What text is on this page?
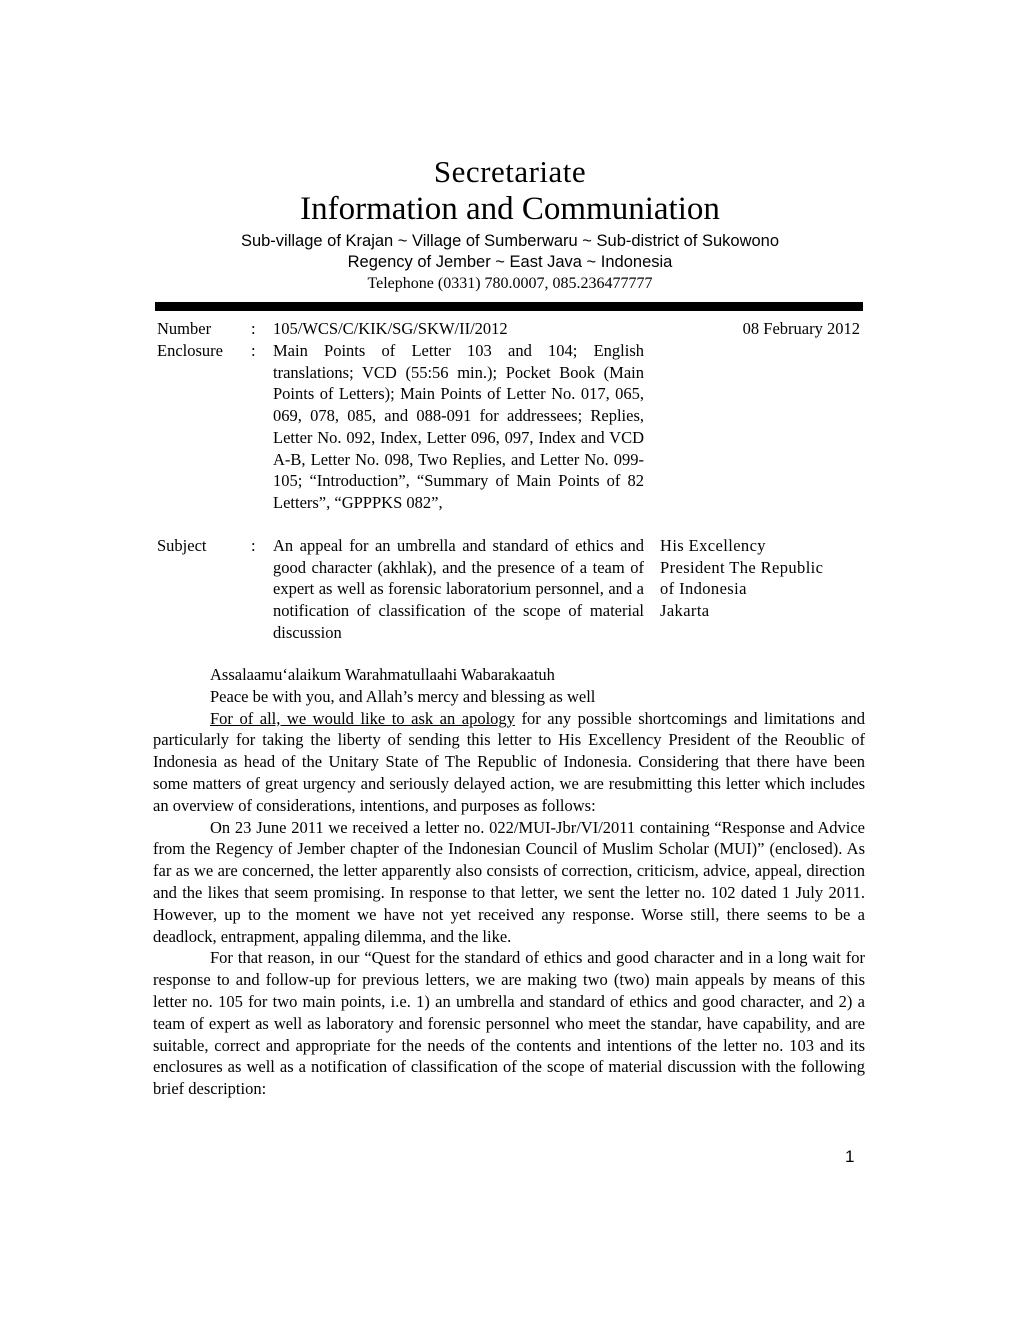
Secretariate
Information and Communiation
Sub-village of Krajan ~ Village of Sumberwaru ~ Sub-district of Sukowono
Regency of Jember ~ East Java ~ Indonesia
Telephone (0331) 780.0007, 085.236477777
Number : 105/WCS/C/KIK/SG/SKW/II/2012	08 February 2012
Enclosure : Main Points of Letter 103 and 104; English translations; VCD (55:56 min.); Pocket Book (Main Points of Letters); Main Points of Letter No. 017, 065, 069, 078, 085, and 088-091 for addressees; Replies, Letter No. 092, Index, Letter 096, 097, Index and VCD A-B, Letter No. 098, Two Replies, and Letter No. 099-105; “Introduction”, “Summary of Main Points of 82 Letters”, “GPPPKS 082”,
Subject	: An appeal for an umbrella and standard of ethics and good character (akhlak), and the presence of a team of expert as well as forensic laboratorium personnel, and a notification of classification of the scope of material discussion
His Excellency
President The Republic
of Indonesia
Jakarta

Assalaamu‘alaikum Warahmatullaahi Wabarakaatuh

Peace be with you, and Allah’s mercy and blessing as well

For of all, we would like to ask an apology for any possible shortcomings and limitations and particularly for taking the liberty of sending this letter to His Excellency President of the Reoublic of Indonesia as head of the Unitary State of The Republic of Indonesia. Considering that there have been some matters of great urgency and seriously delayed action, we are resubmitting this letter which includes an overview of considerations, intentions, and purposes as follows:

On 23 June 2011 we received a letter no. 022/MUI-Jbr/VI/2011 containing “Response and Advice from the Regency of Jember chapter of the Indonesian Council of Muslim Scholar (MUI)” (enclosed). As far as we are concerned, the letter apparently also consists of correction, criticism, advice, appeal, direction and the likes that seem promising. In response to that letter, we sent the letter no. 102 dated 1 July 2011. However, up to the moment we have not yet received any response. Worse still, there seems to be a deadlock, entrapment, appaling dilemma, and the like.

For that reason, in our “Quest for the standard of ethics and good character and in a long wait for response to and follow-up for previous letters, we are making two (two) main appeals by means of this letter no. 105 for two main points, i.e. 1) an umbrella and standard of ethics and good character, and 2) a team of expert as well as laboratory and forensic personnel who meet the standar, have capability, and are suitable, correct and appropriate for the needs of the contents and intentions of the letter no. 103 and its enclosures as well as a notification of classification of the scope of material discussion with the following brief description:

1
